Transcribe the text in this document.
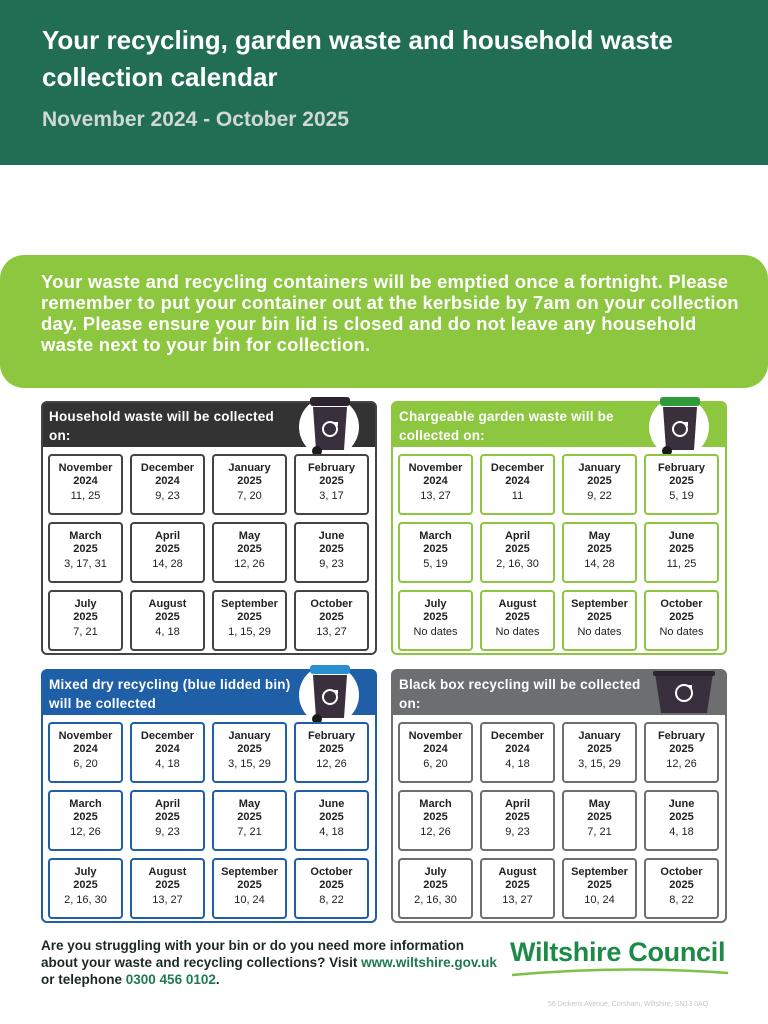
Your recycling, garden waste and household waste collection calendar
November 2024 - October 2025

Your waste and recycling containers will be emptied once a fortnight. Please remember to put your container out at the kerbside by 7am on your collection day. Please ensure your bin lid is closed and do not leave any household waste next to your bin for collection.

Household waste will be collected on:
November
2024
11, 25
December
2024
9, 23
January
2025
7, 20
February
2025
3, 17
March
2025
3, 17, 31
April
2025
14, 28
May
2025
12, 26
June
2025
9, 23
July
2025
7, 21
August
2025
4, 18
September
2025
1, 15, 29
October
2025
13, 27
Chargeable garden waste will be collected on:
November
2024
13, 27
December
2024
11
January
2025
9, 22
February
2025
5, 19
March
2025
5, 19
April
2025
2, 16, 30
May
2025
14, 28
June
2025
11, 25
July
2025
No dates
August
2025
No dates
September
2025
No dates
October
2025
No dates
Mixed dry recycling (blue lidded bin) will be collected
November
2024
6, 20
December
2024
4, 18
January
2025
3, 15, 29
February
2025
12, 26
March
2025
12, 26
April
2025
9, 23
May
2025
7, 21
June
2025
4, 18
July
2025
2, 16, 30
August
2025
13, 27
September
2025
10, 24
October
2025
8, 22
Black box recycling will be collected on:
November
2024
6, 20
December
2024
4, 18
January
2025
3, 15, 29
February
2025
12, 26
March
2025
12, 26
April
2025
9, 23
May
2025
7, 21
June
2025
4, 18
July
2025
2, 16, 30
August
2025
13, 27
September
2025
10, 24
October
2025
8, 22
Are you struggling with your bin or do you need more information about your waste and recycling collections? Visit www.wiltshire.gov.uk or telephone 0300 456 0102.
Wiltshire Council
56 Dickens Avenue, Corsham, Wiltshire, SN13 0AQ
